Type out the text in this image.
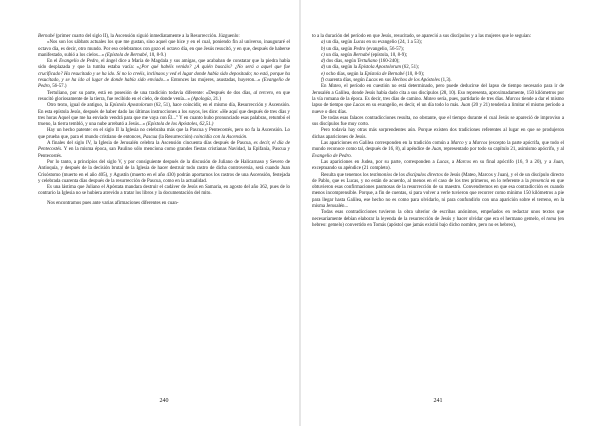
Bernabé (primer cuarto del siglo II), la Ascensión siguió inmediatamente a la Resurrección. Júzguenlo:

«Nos son los sábbats actuales los que me gustan, sino aquel que hice y en el cual, poniendo fin al universo, inauguraré el octavo día, es decir, otro mundo. Por eso celebramos con gozo el octavo día, en que Jesús resucitó, y en que, después de haberse manifestado, subió a los cielos...» (Epístola de Bernabé, 10, 8-9.)

En el Evangelio de Pedro, el ángel dice a María de Magdala y sus amigas, que acababan de constatar que la piedra había sido desplazada y que la tumba estaba vacía: «¿Por qué habéis venido? ¿A quién buscáis? ¿No será a aquel que fue crucificado? Ha resucitado y se ha ido. Si no lo creéis, inclinaos y ved el lugar donde había sido depositado; no está, porque ha resucitado, y se ha ido al lugar de donde había sido enviado...» Entonces las mujeres, asustadas, huyeron...» (Evangelio de Pedro, 56-57.)

Tertuliano, por su parte, está en posesión de una tradición todavía diferente: «Después de dos días, al tercero, en que resucitó gloriosamente de la tierra, fue recibido en el cielo, de donde venía...» (Apología, 21.)

Otro texto, igual de antiguo, la Epístola Apostolorum (62, 51), hace coincidir, en el mismo día, Resurrección y Ascensión. En esta epístola Jesús, después de haber dado las últimas instrucciones a los suyos, les dice: «He aquí que después de tres días y tres horas Aquel que me ha enviado vendrá para que me vaya con Él..." Y en cuanto hubo pronunciado esas palabras, retumbó el trueno, la tierra tembló, y una nube arrebató a Jesús...» (Epístola de los Apóstoles, 62,51.)

Hay un hecho patente: en el siglo II la Iglesia no celebraba más que la Pascua y Pentecostés, pero no fa la Ascensión. Lo que prueba que, para el mundo cristiano de entonces, Pascua (la Resurrección) coincidía con la Ascensión.

A finales del siglo IV, la Iglesia de Jerusalén celebra la Ascensión cincuenta días después de Pascua, es decir, el día de Pentecostés. Y en la misma época, san Paulino sólo menciona como grandes fiestas cristianas Navidad, la Epifanía, Pascua y Pentecostés.

Por lo tanto, a principios del siglo V, y por consiguiente después de la discusión de Juliano de Halicarnaso y Severo de Antioquía, y después de la decisión brutal de la Iglesia de hacer destruir todo rastro de dicha controversia, será cuando Juan Crisóstomo (muerto en el año 405), y Agustín (muerto en el año 430) podrán aportarnos los rastros de una Ascensión, festejada y celebrada cuarenta días después de la resurrección de Pascua, como en la actualidad.

Es una lástima que Juliano el Apóstata mandara destruir el cadáver de Jesús en Samaria, en agosto del año 362, pues de lo contrario la Iglesia no se hubiera atrevido a tratar los libros y la documentación del mito.

Nos encontramos pues ante varias afirmaciones diferentes en cuan-

240

to a la duración del período en que Jesús, resucitado, se apareció a sus discípulos y a las mujeres que le seguían:

a) un día, según Lucas en su evangelio (24, 1 a 53);

b) un día, según Pedro (evangelio, 56-57);

c) un día, según Bernabé (epístola, 10, 8-9);

d) dos días, según Tertuliano (160-240);

d) un día, según la Epístola Apostolorum (62, 51);

e) ocho días, según la Epístola de Bernabé (10, 8-9);

f) cuarenta días, según Lucas en sus Hechos de los Apóstoles (1,3).

En Mateo, el período en cuestión no está determinado, pero puede deducirse del lapso de tiempo necesario para ir de Jerusalén a Galilea, donde Jesús había dado cita a sus discípulos (28, 10). Eso representa, aproximadamente, 150 kilómetros por la vía romana de la época. Es decir, tres días de camino. Mateo sería, pues, partidario de tres días. Marcos tiende a dar el mismo lapso de tiempo que Lucas en su evangelio, es decir, el un día todo lo más. Juan (20 y 21) tendería a limitar el mismo período a nueve o diez días.

De todas esas falaces contradicciones resulta, no obstante, que el tiempo durante el cual Jesús se apareció de improviso a sus discípulos fue muy corto.

Pero todavía hay otras más sorprendentes aún. Porque existen dos tradiciones referentes al lugar en que se produjeron dichas apariciones de Jesús.

Las apariciones en Galilea corresponden en la tradición común a Marco y a Marcos (excepto la parte apócrifa, que todo el mundo reconoce como tal, después de 16, 8), al apéndice de Juan, representado por todo su capítulo 21, asimismo apócrifo, y al Evangelio de Pedro.

Las apariciones en Judea, por su parte, corresponden a Lucas, a Marcos en su final apócrifo (16, 9 a 20), y a Juan, exceptuando su apéndice (21 completo).

Resulta que tenemos los testimonios de los discípulos directos de Jesús (Mateo, Marcos y Juan), y el de un discípulo directo de Pablo, que es Lucas, y no están de acuerdo, al menos en el caso de los tres primeros, en lo referente a la presencia en que obtuvieron esas confirmaciones pasmosas de la resurrección de su maestro. Convendremos en que esa contradicción es cuando menos incomprensible. Porque, a fin de cuentas, si para volver a verle tuvieron que recorrer como mínimo 150 kilómetros a pie para llegar hasta Galilea, ese hecho no es como para olvidarlo, ni para confundirlo con una aparición sobre el terreno, en la misma Jerusalén...

Todas esas contradicciones tuvieron la obra ulterior de escribas anónimos, empeñados en redactar unos textos que necesariamente debían elaborar la leyenda de la resurrección de Jesús y hacer olvidar que era el hermano gemelo, el toma (en hebreo: gemelo) convertido en Tomás (apóstol que jamás existió bajo dicho nombre, pero no es hebreo),

241
